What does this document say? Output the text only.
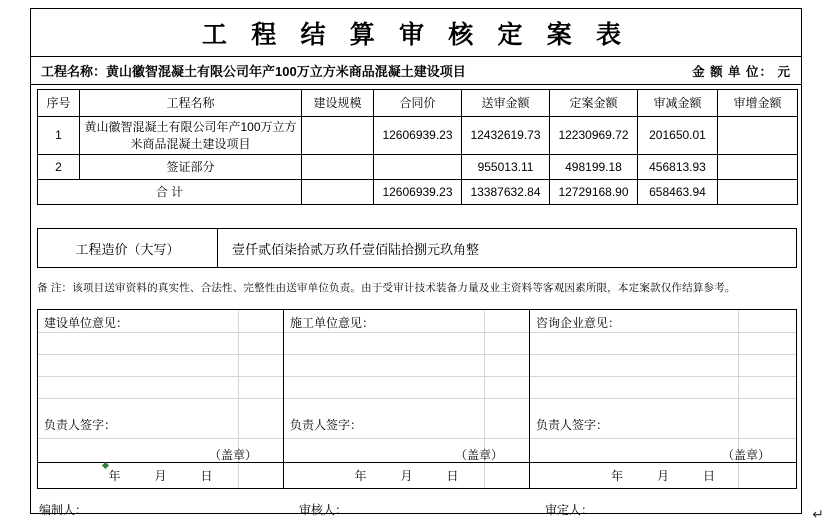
工 程 结 算 审 核 定 案 表
工程名称：黄山徽智混凝土有限公司年产100万立方米商品混凝土建设项目	金 额 单 位： 元
序号	工程名称	建设规模	合同价	送审金额	定案金额	审减金额	审增金额
1	黄山徽智混凝土有限公司年产100万立方米商品混凝土建设项目		12606939.23	12432619.73	12230969.72	201650.01	
2	签证部分			955013.11	498199.18	456813.93	
合 计			12606939.23	13387632.84	12729168.90	658463.94	
工程造价（大写）	壹仟贰佰柒拾贰万玖仟壹佰陆拾捌元玖角整
备 注：该项目送审资料的真实性、合法性、完整性由送审单位负责。由于受审计技术装备力量及业主资料等客观因素所限，本定案款仅作结算参考。
建设单位意见：
负责人签字：
（盖章）
年	月	日
施工单位意见：
负责人签字：
（盖章）
年	月	日
咨询企业意见：
负责人签字：
（盖章）
年	月	日
编制人：	审核人：	审定人：	↵
